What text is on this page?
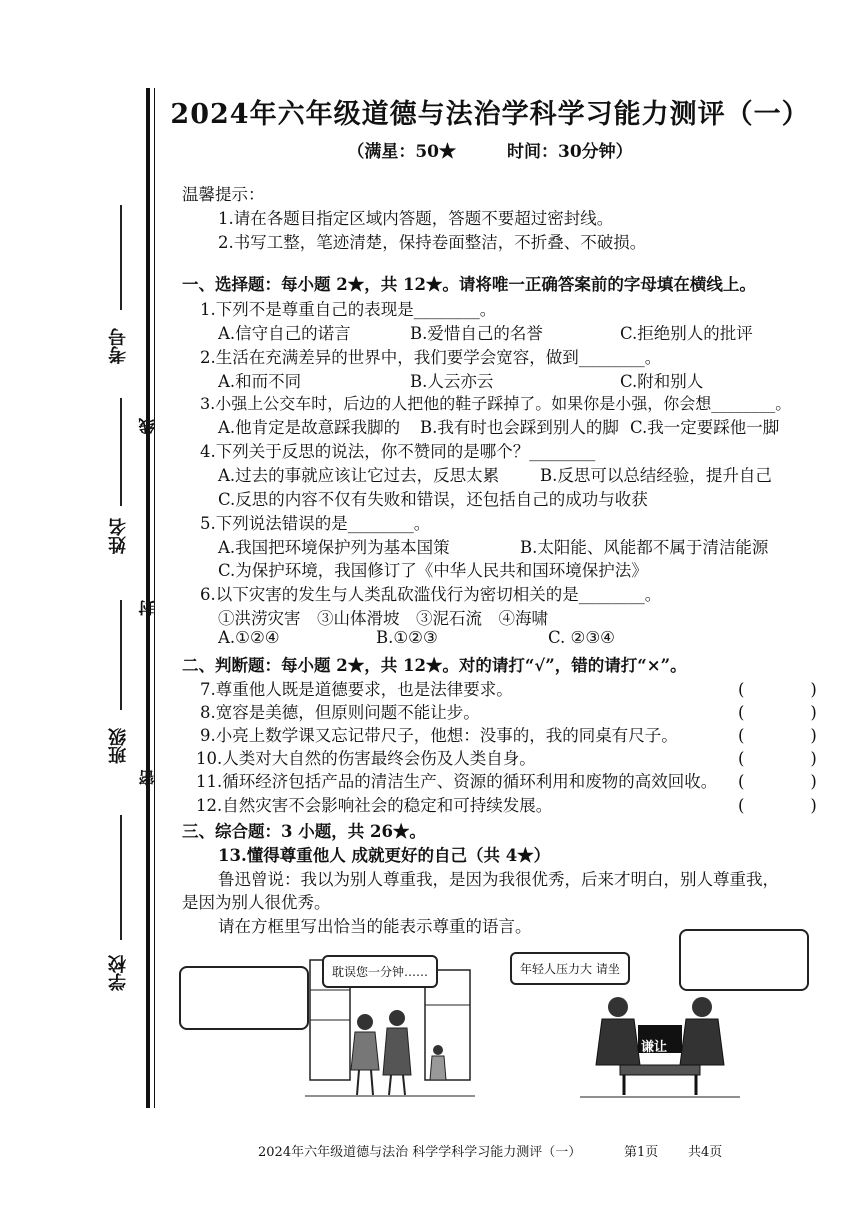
考号
线
姓名
封
班级
密
学校
2024年六年级道德与法治学科学习能力测评（一）
（满星：50★　　　时间：30分钟）
温馨提示：
1.请在各题目指定区域内答题，答题不要超过密封线。
2.书写工整，笔迹清楚，保持卷面整洁，不折叠、不破损。
一、选择题：每小题 2★，共 12★。请将唯一正确答案前的字母填在横线上。
1.下列不是尊重自己的表现是________。
A.信守自己的诺言	B.爱惜自己的名誉	C.拒绝别人的批评
2.生活在充满差异的世界中，我们要学会宽容，做到________。
A.和而不同	B.人云亦云	C.附和别人
3.小强上公交车时，后边的人把他的鞋子踩掉了。如果你是小强，你会想________。
A.他肯定是故意踩我脚的 B.我有时也会踩到别人的脚 C.我一定要踩他一脚
4.下列关于反思的说法，你不赞同的是哪个？________
A.过去的事就应该让它过去，反思太累 B.反思可以总结经验，提升自己
C.反思的内容不仅有失败和错误，还包括自己的成功与收获
5.下列说法错误的是________。
A.我国把环境保护列为基本国策	B.太阳能、风能都不属于清洁能源
C.为保护环境，我国修订了《中华人民共和国环境保护法》
6.以下灾害的发生与人类乱砍滥伐行为密切相关的是________。
①洪涝灾害　③山体滑坡　③泥石流　④海啸
A.①②④	B.①②③	C. ②③④
二、判断题：每小题 2★，共 12★。对的请打“√”，错的请打“×”。
7.尊重他人既是道德要求，也是法律要求。	(　　　　)
8.宽容是美德，但原则问题不能让步。	(　　　　)
9.小亮上数学课又忘记带尺子，他想：没事的，我的同桌有尺子。	(　　　　)
10.人类对大自然的伤害最终会伤及人类自身。	(　　　　)
11.循环经济包括产品的清洁生产、资源的循环利用和废物的高效回收。 (　　　　)
12.自然灾害不会影响社会的稳定和可持续发展。	(　　　　)
三、综合题：3 小题，共 26★。
13.懂得尊重他人 成就更好的自己（共 4★）
鲁迅曾说：我以为别人尊重我，是因为我很优秀，后来才明白，别人尊重我，
是因为别人很优秀。
请在方框里写出恰当的能表示尊重的语言。
耽误您一分钟……
谦让
年轻人压力大 请坐
2024年六年级道德与法治 科学学科学习能力测评（一）	第1页 共4页
